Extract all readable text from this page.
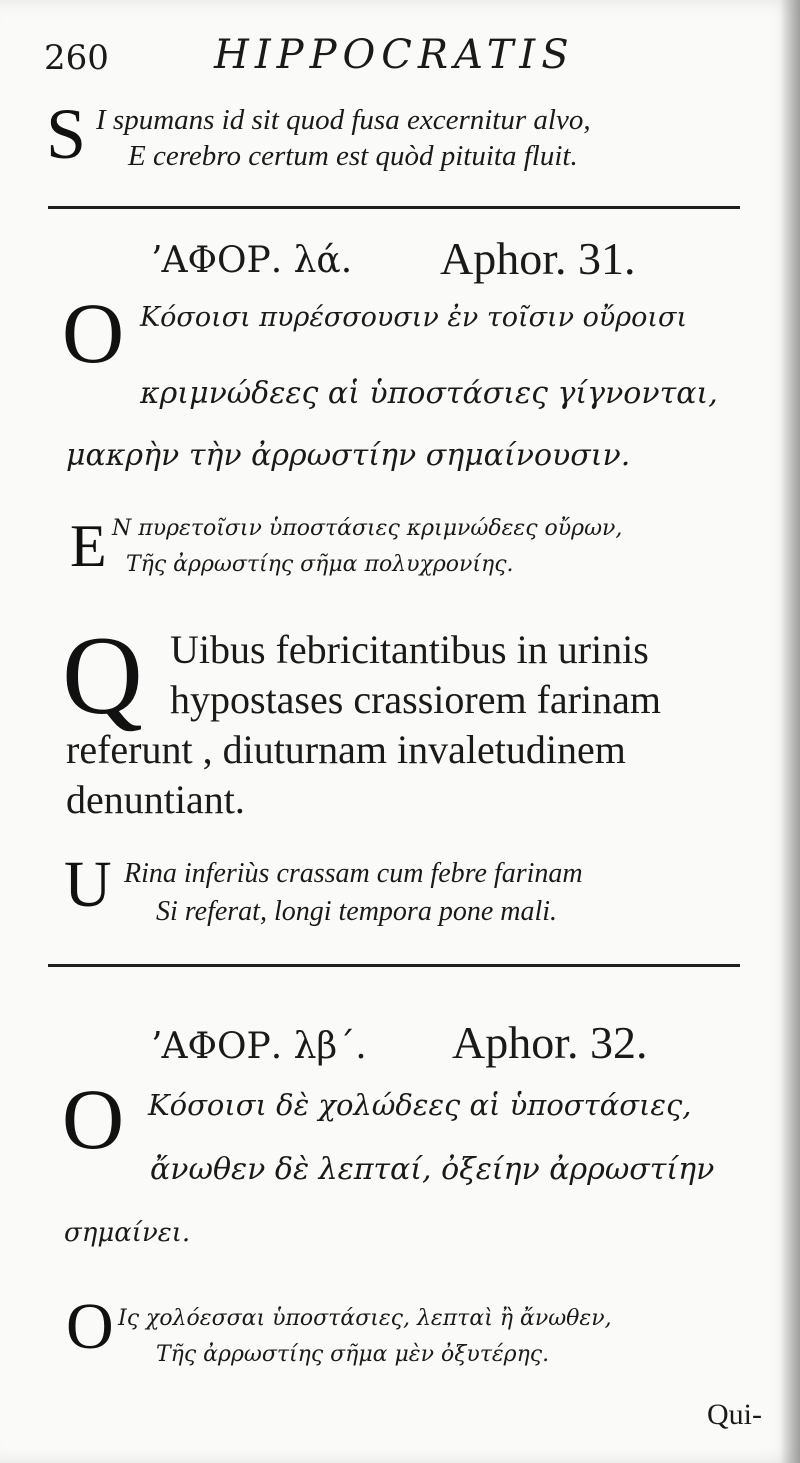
260	HIPPOCRATIS
S I spumans id sit quod fusa excernitur alvo,
E cerebro certum est quòd pituita fluit.
ʼΑΦΟΡ. λά. Aphor. 31.
Ο Κόσοισι πυρέσσουσιν ἐν τοῖσιν οὔροισι
κριμνώδεες αἱ ὑποστάσιες γίγνονται,
μακρὴν τὴν ἀρρωστίην σημαίνουσιν.
E N πυρετοῖσιν ὑποστάσιες κριμνώδεες οὔρων,
Τῆς ἀρρωστίης σῆμα πολυχρονίης.
Q Uibus febricitantibus in urinis
hypostases crassiorem farinam
referunt , diuturnam invaletudinem
denuntiant.
U Rina inferiùs crassam cum febre farinam
Si referat, longi tempora pone mali.
ʼΑΦΟΡ. λβ΄. Aphor. 32.
Ο Κόσοισι δὲ χολώδεες αἱ ὑποστάσιες,
ἄνωθεν δὲ λεπταί, ὀξείην ἀρρωστίην
σημαίνει.
Ο Ις χολόεσσαι ὑποστάσιες, λεπταὶ ἢ ἄνωθεν,
Τῆς ἀρρωστίης σῆμα μὲν ὀξυτέρης.
Qui-
